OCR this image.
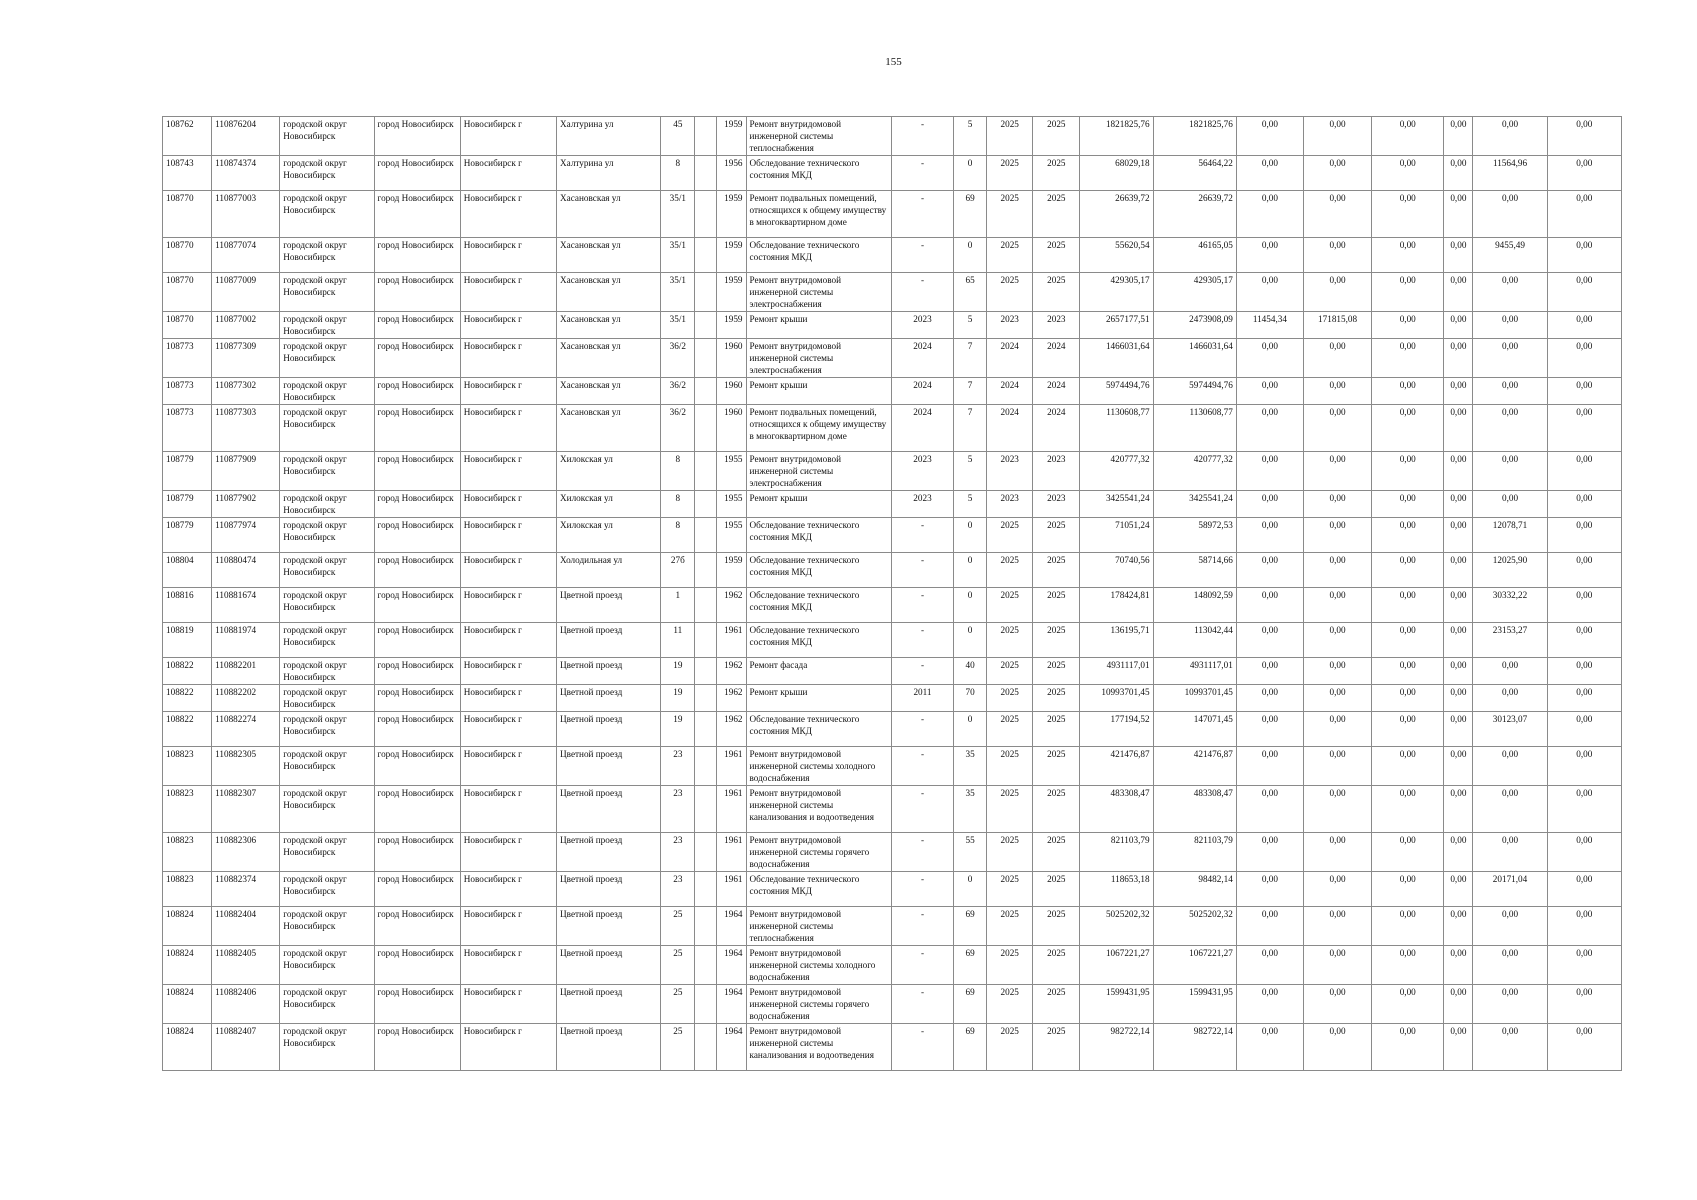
155
108762	110876204	городской округ Новосибирск	город Новосибирск	Новосибирск г	Халтурина ул	45		1959	Ремонт внутридомовой инженерной системы теплоснабжения	-	5	2025	2025	1821825,76	1821825,76	0,00	0,00	0,00	0,00	0,00	0,00
108743	110874374	городской округ Новосибирск	город Новосибирск	Новосибирск г	Халтурина ул	8		1956	Обследование технического состояния МКД	-	0	2025	2025	68029,18	56464,22	0,00	0,00	0,00	0,00	11564,96	0,00
108770	110877003	городской округ Новосибирск	город Новосибирск	Новосибирск г	Хасановская ул	35/1		1959	Ремонт подвальных помещений, относящихся к общему имуществу в многоквартирном доме	-	69	2025	2025	26639,72	26639,72	0,00	0,00	0,00	0,00	0,00	0,00
108770	110877074	городской округ Новосибирск	город Новосибирск	Новосибирск г	Хасановская ул	35/1		1959	Обследование технического состояния МКД	-	0	2025	2025	55620,54	46165,05	0,00	0,00	0,00	0,00	9455,49	0,00
108770	110877009	городской округ Новосибирск	город Новосибирск	Новосибирск г	Хасановская ул	35/1		1959	Ремонт внутридомовой инженерной системы электроснабжения	-	65	2025	2025	429305,17	429305,17	0,00	0,00	0,00	0,00	0,00	0,00
108770	110877002	городской округ Новосибирск	город Новосибирск	Новосибирск г	Хасановская ул	35/1		1959	Ремонт крыши	2023	5	2023	2023	2657177,51	2473908,09	11454,34	171815,08	0,00	0,00	0,00	0,00
108773	110877309	городской округ Новосибирск	город Новосибирск	Новосибирск г	Хасановская ул	36/2		1960	Ремонт внутридомовой инженерной системы электроснабжения	2024	7	2024	2024	1466031,64	1466031,64	0,00	0,00	0,00	0,00	0,00	0,00
108773	110877302	городской округ Новосибирск	город Новосибирск	Новосибирск г	Хасановская ул	36/2		1960	Ремонт крыши	2024	7	2024	2024	5974494,76	5974494,76	0,00	0,00	0,00	0,00	0,00	0,00
108773	110877303	городской округ Новосибирск	город Новосибирск	Новосибирск г	Хасановская ул	36/2		1960	Ремонт подвальных помещений, относящихся к общему имуществу в многоквартирном доме	2024	7	2024	2024	1130608,77	1130608,77	0,00	0,00	0,00	0,00	0,00	0,00
108779	110877909	городской округ Новосибирск	город Новосибирск	Новосибирск г	Хилокская ул	8		1955	Ремонт внутридомовой инженерной системы электроснабжения	2023	5	2023	2023	420777,32	420777,32	0,00	0,00	0,00	0,00	0,00	0,00
108779	110877902	городской округ Новосибирск	город Новосибирск	Новосибирск г	Хилокская ул	8		1955	Ремонт крыши	2023	5	2023	2023	3425541,24	3425541,24	0,00	0,00	0,00	0,00	0,00	0,00
108779	110877974	городской округ Новосибирск	город Новосибирск	Новосибирск г	Хилокская ул	8		1955	Обследование технического состояния МКД	-	0	2025	2025	71051,24	58972,53	0,00	0,00	0,00	0,00	12078,71	0,00
108804	110880474	городской округ Новосибирск	город Новосибирск	Новосибирск г	Холодильная ул	27б		1959	Обследование технического состояния МКД	-	0	2025	2025	70740,56	58714,66	0,00	0,00	0,00	0,00	12025,90	0,00
108816	110881674	городской округ Новосибирск	город Новосибирск	Новосибирск г	Цветной проезд	1		1962	Обследование технического состояния МКД	-	0	2025	2025	178424,81	148092,59	0,00	0,00	0,00	0,00	30332,22	0,00
108819	110881974	городской округ Новосибирск	город Новосибирск	Новосибирск г	Цветной проезд	11		1961	Обследование технического состояния МКД	-	0	2025	2025	136195,71	113042,44	0,00	0,00	0,00	0,00	23153,27	0,00
108822	110882201	городской округ Новосибирск	город Новосибирск	Новосибирск г	Цветной проезд	19		1962	Ремонт фасада	-	40	2025	2025	4931117,01	4931117,01	0,00	0,00	0,00	0,00	0,00	0,00
108822	110882202	городской округ Новосибирск	город Новосибирск	Новосибирск г	Цветной проезд	19		1962	Ремонт крыши	2011	70	2025	2025	10993701,45	10993701,45	0,00	0,00	0,00	0,00	0,00	0,00
108822	110882274	городской округ Новосибирск	город Новосибирск	Новосибирск г	Цветной проезд	19		1962	Обследование технического состояния МКД	-	0	2025	2025	177194,52	147071,45	0,00	0,00	0,00	0,00	30123,07	0,00
108823	110882305	городской округ Новосибирск	город Новосибирск	Новосибирск г	Цветной проезд	23		1961	Ремонт внутридомовой инженерной системы холодного водоснабжения	-	35	2025	2025	421476,87	421476,87	0,00	0,00	0,00	0,00	0,00	0,00
108823	110882307	городской округ Новосибирск	город Новосибирск	Новосибирск г	Цветной проезд	23		1961	Ремонт внутридомовой инженерной системы канализования и водоотведения	-	35	2025	2025	483308,47	483308,47	0,00	0,00	0,00	0,00	0,00	0,00
108823	110882306	городской округ Новосибирск	город Новосибирск	Новосибирск г	Цветной проезд	23		1961	Ремонт внутридомовой инженерной системы горячего водоснабжения	-	55	2025	2025	821103,79	821103,79	0,00	0,00	0,00	0,00	0,00	0,00
108823	110882374	городской округ Новосибирск	город Новосибирск	Новосибирск г	Цветной проезд	23		1961	Обследование технического состояния МКД	-	0	2025	2025	118653,18	98482,14	0,00	0,00	0,00	0,00	20171,04	0,00
108824	110882404	городской округ Новосибирск	город Новосибирск	Новосибирск г	Цветной проезд	25		1964	Ремонт внутридомовой инженерной системы теплоснабжения	-	69	2025	2025	5025202,32	5025202,32	0,00	0,00	0,00	0,00	0,00	0,00
108824	110882405	городской округ Новосибирск	город Новосибирск	Новосибирск г	Цветной проезд	25		1964	Ремонт внутридомовой инженерной системы холодного водоснабжения	-	69	2025	2025	1067221,27	1067221,27	0,00	0,00	0,00	0,00	0,00	0,00
108824	110882406	городской округ Новосибирск	город Новосибирск	Новосибирск г	Цветной проезд	25		1964	Ремонт внутридомовой инженерной системы горячего водоснабжения	-	69	2025	2025	1599431,95	1599431,95	0,00	0,00	0,00	0,00	0,00	0,00
108824	110882407	городской округ Новосибирск	город Новосибирск	Новосибирск г	Цветной проезд	25		1964	Ремонт внутридомовой инженерной системы канализования и водоотведения	-	69	2025	2025	982722,14	982722,14	0,00	0,00	0,00	0,00	0,00	0,00
